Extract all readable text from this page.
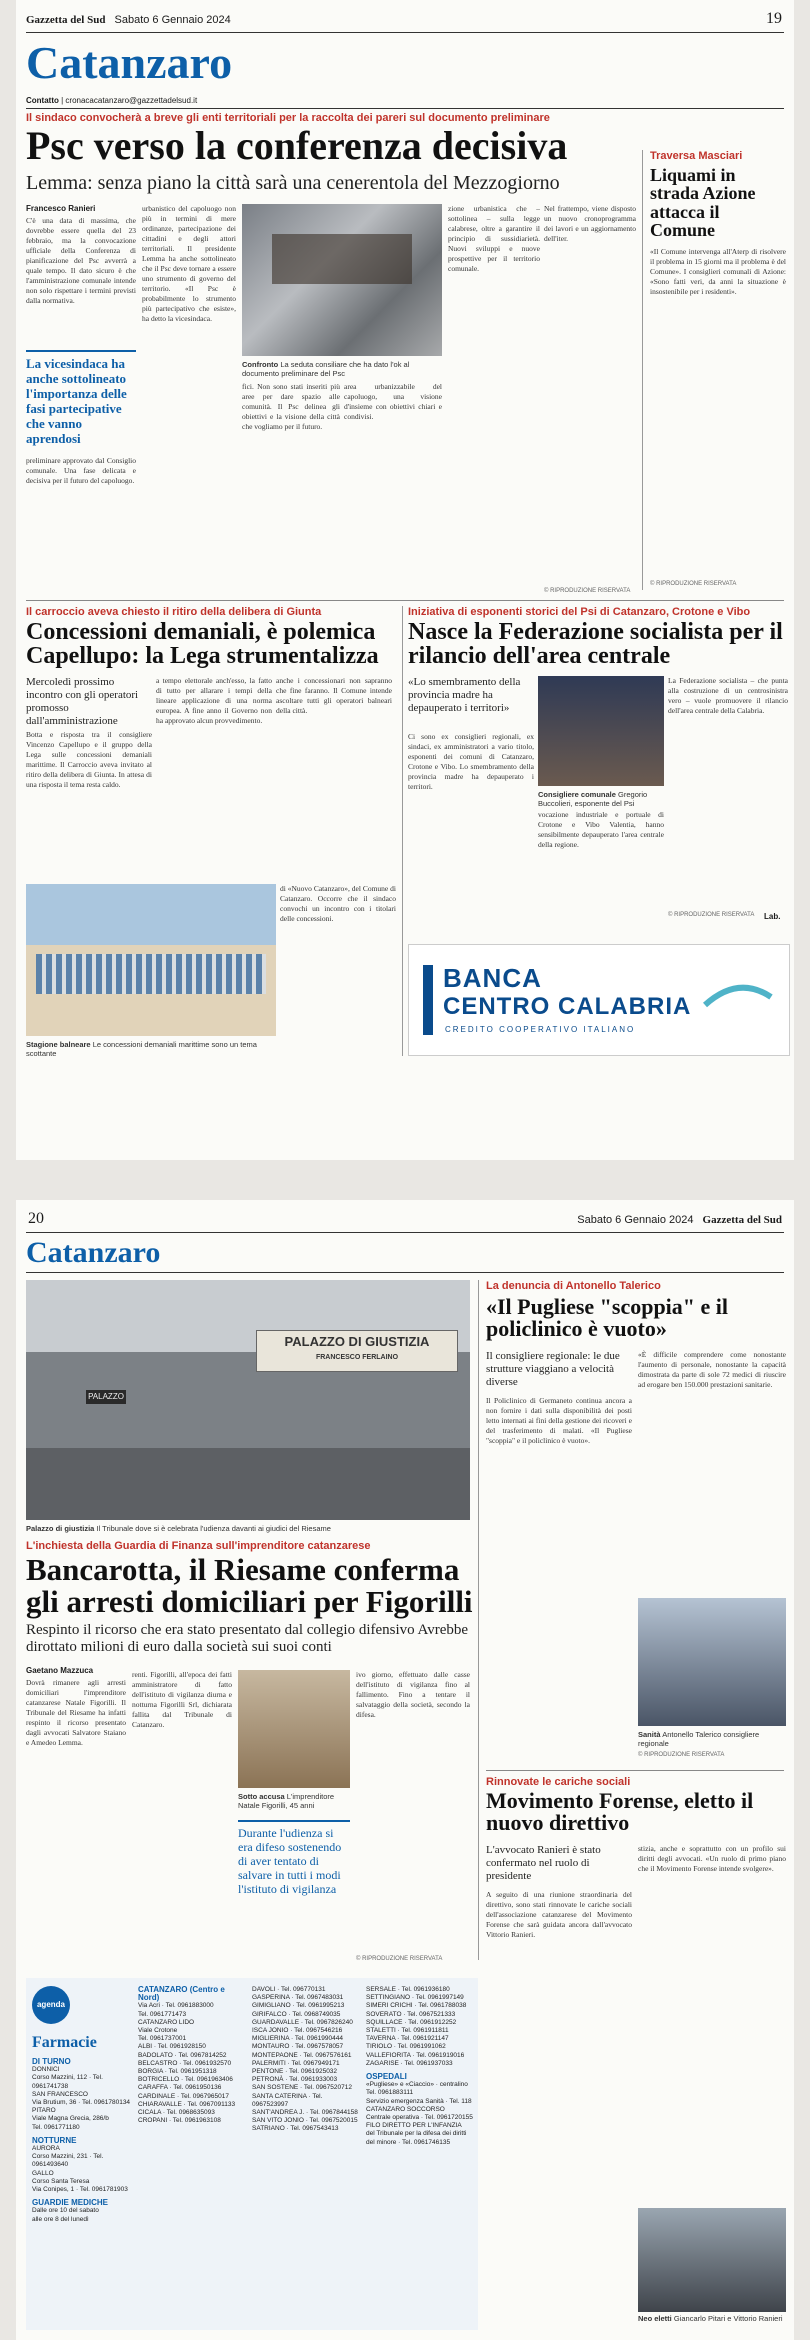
Gazzetta del Sud Sabato 6 Gennaio 2024	19
Catanzaro
Contatto | cronacacatanzaro@gazzettadelsud.it
Il sindaco convocherà a breve gli enti territoriali per la raccolta dei pareri sul documento preliminare
Psc verso la conferenza decisiva
Lemma: senza piano la città sarà una cenerentola del Mezzogiorno
Francesco Ranieri
C'è una data di massima, che dovrebbe essere quella del 23 febbraio, ma la convocazione ufficiale della Conferenza di pianificazione del Psc avverrà a quale tempo. Il dato sicuro è che l'amministrazione comunale intende non solo rispettare i termini previsti dalla normativa.
urbanistico del capoluogo non più in termini di mere ordinanze, partecipazione dei cittadini e degli attori territoriali. Il presidente Lemma ha anche sottolineato che il Psc deve tornare a essere uno strumento di governo del territorio. «Il Psc è probabilmente lo strumento più partecipativo che esiste», ha detto la vicesindaca.
Confronto La seduta consiliare che ha dato l'ok al documento preliminare del Psc
fici. Non sono stati inseriti più aree per dare spazio alle comunità. Il Psc delinea gli obiettivi e la visione della città che vogliamo per il futuro.
area urbanizzabile del capoluogo, una visione d'insieme con obiettivi chiari e condivisi.
zione urbanistica che – sottolinea – sulla legge calabrese, oltre a garantire il principio di sussidiarietà. Nuovi sviluppi e nuove prospettive per il territorio comunale.
Nel frattempo, viene disposto un nuovo cronoprogramma dei lavori e un aggiornamento dell'iter.
© RIPRODUZIONE RISERVATA
La vicesindaca ha anche sottolineato l'importanza delle fasi partecipative che vanno aprendosi
preliminare approvato dal Consiglio comunale. Una fase delicata e decisiva per il futuro del capoluogo.
Traversa Masciari
Liquami in strada Azione attacca il Comune
«Il Comune intervenga all'Aterp di risolvere il problema in 15 giorni ma il problema è del Comune». I consiglieri comunali di Azione: «Sono fatti veri, da anni la situazione è insostenibile per i residenti».
© RIPRODUZIONE RISERVATA
Il carroccio aveva chiesto il ritiro della delibera di Giunta
Concessioni demaniali, è polemica Capellupo: la Lega strumentalizza
Mercoledì prossimo incontro con gli operatori promosso dall'amministrazione
Botta e risposta tra il consigliere Vincenzo Capellupo e il gruppo della Lega sulle concessioni demaniali marittime. Il Carroccio aveva invitato al ritiro della delibera di Giunta. In attesa di una risposta il tema resta caldo.
a tempo elettorale anch'esso, la fatto di tutto per allarare i tempi della lineare applicazione di una norma europea. A fine anno il Governo non ha approvato alcun provvedimento.
anche i concessionari non sapranno che fine faranno. Il Comune intende ascoltare tutti gli operatori balneari della città.
Stagione balneare Le concessioni demaniali marittime sono un tema scottante
di «Nuovo Catanzaro», del Comune di Catanzaro. Occorre che il sindaco convochi un incontro con i titolari delle concessioni.
Iniziativa di esponenti storici del Psi di Catanzaro, Crotone e Vibo
Nasce la Federazione socialista per il rilancio dell'area centrale
«Lo smembramento della provincia madre ha depauperato i territori»
Ci sono ex consiglieri regionali, ex sindaci, ex amministratori a vario titolo, esponenti dei comuni di Catanzaro, Crotone e Vibo. Lo smembramento della provincia madre ha depauperato i territori.
Consigliere comunale Gregorio Buccolieri, esponente del Psi
vocazione industriale e portuale di Crotone e Vibo Valentia, hanno sensibilmente depauperato l'area centrale della regione.
La Federazione socialista – che punta alla costruzione di un centrosinistra vero – vuole promuovere il rilancio dell'area centrale della Calabria.
© RIPRODUZIONE RISERVATA Lab.
BANCA
CENTRO CALABRIA
CREDITO COOPERATIVO ITALIANO
20	Sabato 6 Gennaio 2024 Gazzetta del Sud
Catanzaro
PALAZZO DI GIUSTIZIA
FRANCESCO FERLAINO
PALAZZO
Palazzo di giustizia Il Tribunale dove si è celebrata l'udienza davanti ai giudici del Riesame
L'inchiesta della Guardia di Finanza sull'imprenditore catanzarese
Bancarotta, il Riesame conferma gli arresti domiciliari per Figorilli
Respinto il ricorso che era stato presentato dal collegio difensivo Avrebbe dirottato milioni di euro dalla società sui suoi conti
Gaetano Mazzuca
Dovrà rimanere agli arresti domiciliari l'imprenditore catanzarese Natale Figorilli. Il Tribunale del Riesame ha infatti respinto il ricorso presentato dagli avvocati Salvatore Staiano e Amedeo Lemma.
renti. Figorilli, all'epoca dei fatti amministratore di fatto dell'istituto di vigilanza diurna e notturna Figorilli Srl, dichiarata fallita dal Tribunale di Catanzaro.
Sotto accusa L'imprenditore Natale Figorilli, 45 anni
Durante l'udienza si era difeso sostenendo di aver tentato di salvare in tutti i modi l'istituto di vigilanza
ivo giorno, effettuato dalle casse dell'istituto di vigilanza fino al fallimento. Fino a tentare il salvataggio della società, secondo la difesa.
© RIPRODUZIONE RISERVATA
La denuncia di Antonello Talerico
«Il Pugliese "scoppia" e il policlinico è vuoto»
Il consigliere regionale: le due strutture viaggiano a velocità diverse
Il Policlinico di Germaneto continua ancora a non fornire i dati sulla disponibilità dei posti letto internati ai fini della gestione dei ricoveri e del trasferimento di malati. «Il Pugliese "scoppia" e il policlinico è vuoto».
«È difficile comprendere come nonostante l'aumento di personale, nonostante la capacità dimostrata da parte di sole 72 medici di riuscire ad erogare ben 150.000 prestazioni sanitarie.
Sanità Antonello Talerico consigliere regionale
© RIPRODUZIONE RISERVATA
Rinnovate le cariche sociali
Movimento Forense, eletto il nuovo direttivo
L'avvocato Ranieri è stato confermato nel ruolo di presidente
A seguito di una riunione straordinaria del direttivo, sono stati rinnovate le cariche sociali dell'associazione catanzarese del Movimento Forense che sarà guidata ancora dall'avvocato Vittorio Ranieri.
stizia, anche e soprattutto con un profilo sui diritti degli avvocati. «Un ruolo di primo piano che il Movimento Forense intende svolgere».
Neo eletti Giancarlo Pitari e Vittorio Ranieri
agenda
Farmacie
DI TURNO
DONNICI
Corso Mazzini, 112 · Tel. 0961741738
SAN FRANCESCO
Via Brutium, 36 · Tel. 0961780134
PITARO
Viale Magna Grecia, 286/b
Tel. 0961771180
NOTTURNE
AURORA
Corso Mazzini, 231 · Tel. 0961493640
GALLO
Corso Santa Teresa
Via Conipes, 1 · Tel. 0961781903
GUARDIE MEDICHE
Dalle ore 10 del sabato
alle ore 8 del lunedì
CATANZARO (Centro e Nord)
Via Acri · Tel. 0961883000
Tel. 0961771473
CATANZARO LIDO
Viale Crotone
Tel. 0961737001
ALBI · Tel. 0961928150
BADOLATO · Tel. 0967814252
BELCASTRO · Tel. 0961932570
BORGIA · Tel. 0961951318
BOTRICELLO · Tel. 0961963406
CARAFFA · Tel. 0961950136
CARDINALE · Tel. 0967965017
CHIARAVALLE · Tel. 0967091133
CICALA · Tel. 0968635093
CROPANI · Tel. 0961963108
DAVOLI · Tel. 096770131
GASPERINA · Tel. 0967483031
GIMIGLIANO · Tel. 0961995213
GIRIFALCO · Tel. 0968749035
GUARDAVALLE · Tel. 0967826240
ISCA JONIO · Tel. 0967546216
MIGLIERINA · Tel. 0961990444
MONTAURO · Tel. 0967578057
MONTEPAONE · Tel. 0967576161
PALERMITI · Tel. 0967949171
PENTONE · Tel. 0961925032
PETRONÀ · Tel. 0961933003
SAN SOSTENE · Tel. 0967520712
SANTA CATERINA · Tel. 0967523997
SANT'ANDREA J. · Tel. 0967844158
SAN VITO JONIO · Tel. 0967520015
SATRIANO · Tel. 0967543413
SERSALE · Tel. 0961936180
SETTINGIANO · Tel. 0961997149
SIMERI CRICHI · Tel. 0961788038
SOVERATO · Tel. 0967521333
SQUILLACE · Tel. 0961912252
STALETTI · Tel. 0961911811
TAVERNA · Tel. 0961921147
TIRIOLO · Tel. 0961991062
VALLEFIORITA · Tel. 0961919016
ZAGARISE · Tel. 0961937033
OSPEDALI
«Pugliese» e «Ciaccio» · centralino
Tel. 0961883111
Servizio emergenza Sanità · Tel. 118
CATANZARO SOCCORSO
Centrale operativa · Tel. 0961720155
FILO DIRETTO PER L'INFANZIA
del Tribunale per la difesa dei diritti
del minore · Tel. 0961746135
